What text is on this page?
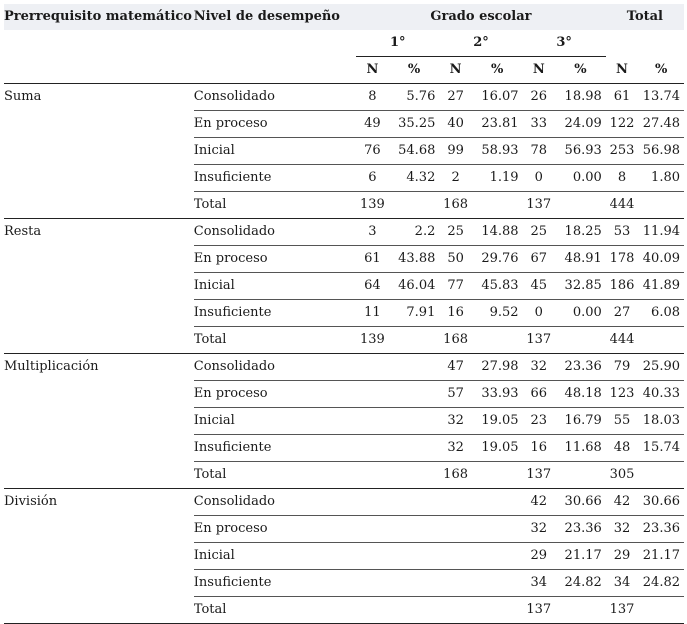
Prerrequisito matemático	Nivel de desempeño	Grado escolar						Total	
		1°		2°		3°			
		N	%	N	%	N	%	N	%
Suma	Consolidado	8	5.76	27	16.07	26	18.98	61	13.74
	En proceso	49	35.25	40	23.81	33	24.09	122	27.48
	Inicial	76	54.68	99	58.93	78	56.93	253	56.98
	Insuficiente	6	4.32	2	1.19	0	0.00	8	1.80
	Total	139		168		137		444	
Resta	Consolidado	3	2.2	25	14.88	25	18.25	53	11.94
	En proceso	61	43.88	50	29.76	67	48.91	178	40.09
	Inicial	64	46.04	77	45.83	45	32.85	186	41.89
	Insuficiente	11	7.91	16	9.52	0	0.00	27	6.08
	Total	139		168		137		444	
Multiplicación	Consolidado			47	27.98	32	23.36	79	25.90
	En proceso			57	33.93	66	48.18	123	40.33
	Inicial			32	19.05	23	16.79	55	18.03
	Insuficiente			32	19.05	16	11.68	48	15.74
	Total			168		137		305	
División	Consolidado					42	30.66	42	30.66
	En proceso					32	23.36	32	23.36
	Inicial					29	21.17	29	21.17
	Insuficiente					34	24.82	34	24.82
	Total					137		137	
